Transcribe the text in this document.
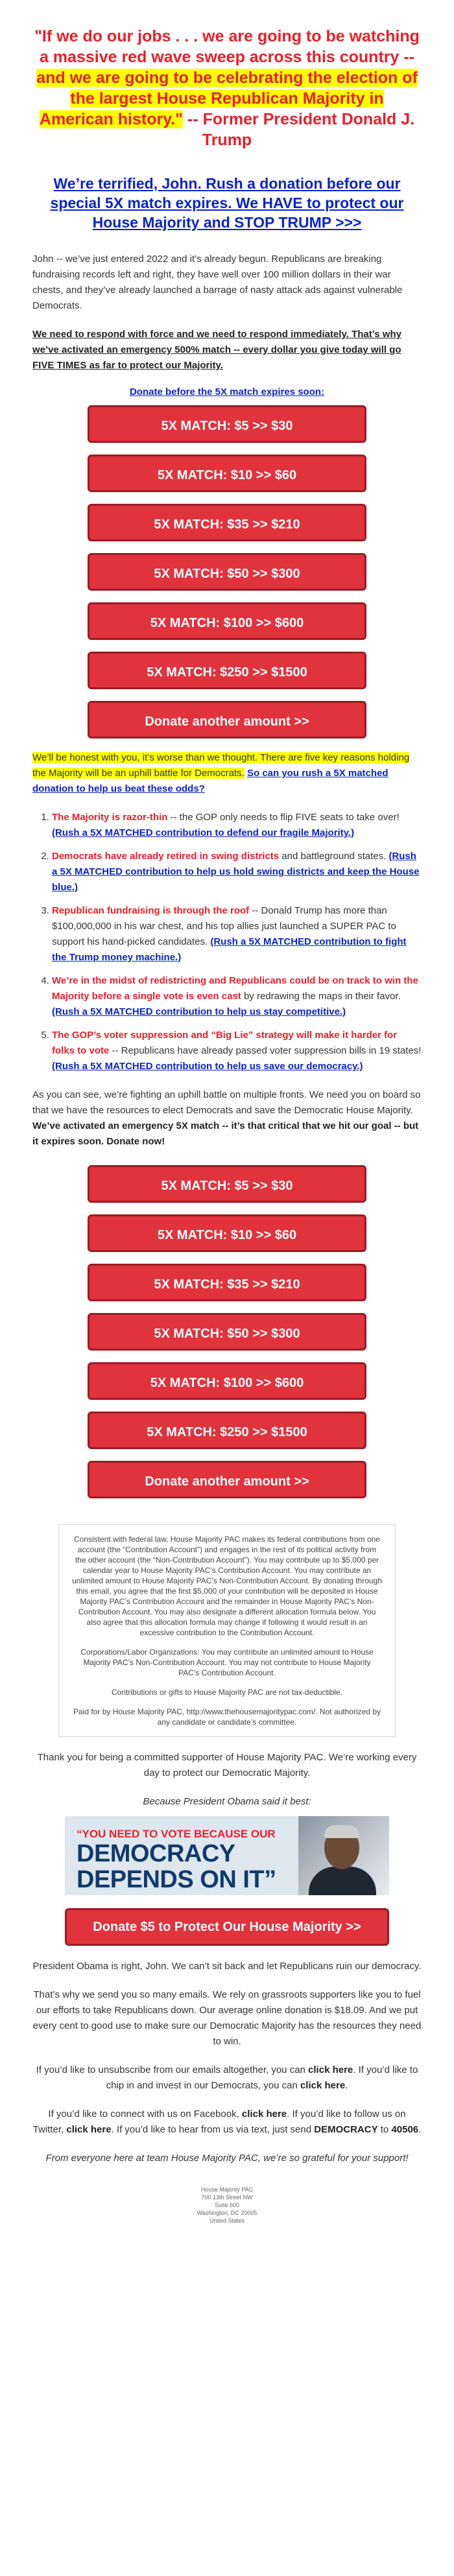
"If we do our jobs . . . we are going to be watching a massive red wave sweep across this country -- and we are going to be celebrating the election of the largest House Republican Majority in American history." -- Former President Donald J. Trump
We’re terrified, John. Rush a donation before our special 5X match expires. We HAVE to protect our House Majority and STOP TRUMP >>>

John -- we’ve just entered 2022 and it’s already begun. Republicans are breaking fundraising records left and right, they have well over 100 million dollars in their war chests, and they’ve already launched a barrage of nasty attack ads against vulnerable Democrats.

We need to respond with force and we need to respond immediately. That’s why we’ve activated an emergency 500% match -- every dollar you give today will go FIVE TIMES as far to protect our Majority.

Donate before the 5X match expires soon:
5X MATCH: $5 >> $30
5X MATCH: $10 >> $60
5X MATCH: $35 >> $210
5X MATCH: $50 >> $300
5X MATCH: $100 >> $600
5X MATCH: $250 >> $1500
Donate another amount >>

We’ll be honest with you, it’s worse than we thought. There are five key reasons holding the Majority will be an uphill battle for Democrats. So can you rush a 5X matched donation to help us beat these odds?

1. The Majority is razor-thin -- the GOP only needs to flip FIVE seats to take over! (Rush a 5X MATCHED contribution to defend our fragile Majority.)
2. Democrats have already retired in swing districts and battleground states. (Rush a 5X MATCHED contribution to help us hold swing districts and keep the House blue.)
3. Republican fundraising is through the roof -- Donald Trump has more than $100,000,000 in his war chest, and his top allies just launched a SUPER PAC to support his hand-picked candidates. (Rush a 5X MATCHED contribution to fight the Trump money machine.)
4. We’re in the midst of redistricting and Republicans could be on track to win the Majority before a single vote is even cast by redrawing the maps in their favor. (Rush a 5X MATCHED contribution to help us stay competitive.)
5. The GOP’s voter suppression and “Big Lie” strategy will make it harder for folks to vote -- Republicans have already passed voter suppression bills in 19 states! (Rush a 5X MATCHED contribution to help us save our democracy.)

As you can see, we’re fighting an uphill battle on multiple fronts. We need you on board so that we have the resources to elect Democrats and save the Democratic House Majority. We’ve activated an emergency 5X match -- it’s that critical that we hit our goal -- but it expires soon. Donate now!

5X MATCH: $5 >> $30
5X MATCH: $10 >> $60
5X MATCH: $35 >> $210
5X MATCH: $50 >> $300
5X MATCH: $100 >> $600
5X MATCH: $250 >> $1500
Donate another amount >>

Consistent with federal law, House Majority PAC makes its federal contributions from one account (the “Contribution Account”) and engages in the rest of its political activity from the other account (the “Non-Contribution Account”). You may contribute up to $5,000 per calendar year to House Majority PAC’s Contribution Account. You may contribute an unlimited amount to House Majority PAC’s Non-Contribution Account. By donating through this email, you agree that the first $5,000 of your contribution will be deposited in House Majority PAC’s Contribution Account and the remainder in House Majority PAC’s Non-Contribution Account. You may also designate a different allocation formula below. You also agree that this allocation formula may change if following it would result in an excessive contribution to the Contribution Account.

Corporations/Labor Organizations: You may contribute an unlimited amount to House Majority PAC’s Non-Contribution Account. You may not contribute to House Majority PAC’s Contribution Account.

Contributions or gifts to House Majority PAC are not tax-deductible.

Paid for by House Majority PAC, http://www.thehousemajoritypac.com/. Not authorized by any candidate or candidate’s committee.

Thank you for being a committed supporter of House Majority PAC. We’re working every day to protect our Democratic Majority.

Because President Obama said it best:

“YOU NEED TO VOTE BECAUSE OUR
DEMOCRACY
DEPENDS ON IT”
Donate $5 to Protect Our House Majority >>

President Obama is right, John. We can’t sit back and let Republicans ruin our democracy.

That’s why we send you so many emails. We rely on grassroots supporters like you to fuel our efforts to take Republicans down. Our average online donation is $18.09. And we put every cent to good use to make sure our Democratic Majority has the resources they need to win.

If you’d like to unsubscribe from our emails altogether, you can click here. If you’d like to chip in and invest in our Democrats, you can click here.

If you’d like to connect with us on Facebook, click here. If you’d like to follow us on Twitter, click here. If you’d like to hear from us via text, just send DEMOCRACY to 40506.

From everyone here at team House Majority PAC, we’re so grateful for your support!

House Majority PAC
700 13th Street NW
Suite 600
Washington, DC 20005
United States
